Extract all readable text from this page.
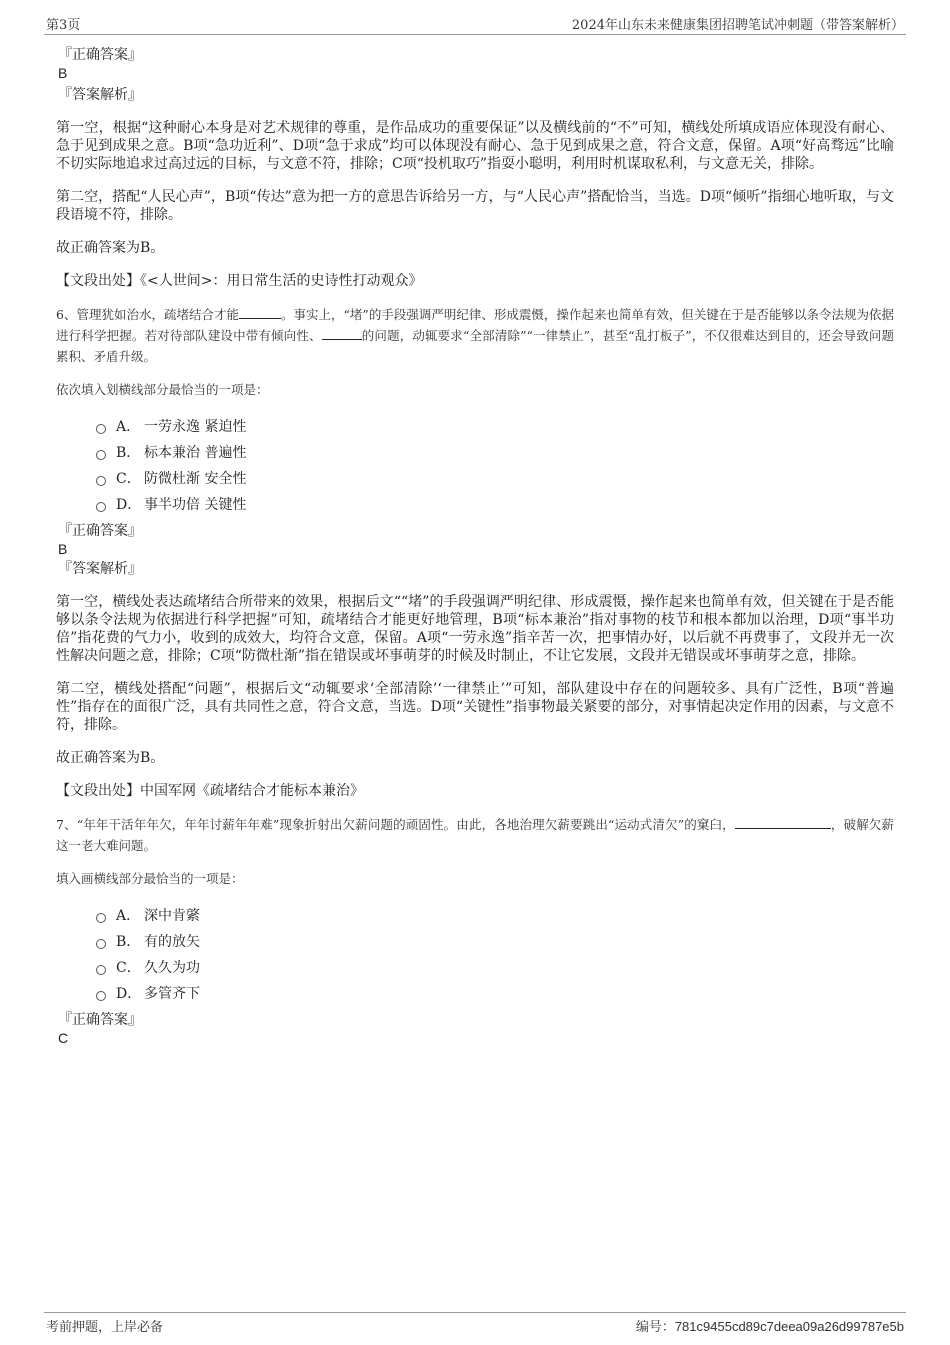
第3页	2024年山东未来健康集团招聘笔试冲刺题（带答案解析）

『正确答案』

B

『答案解析』

第一空，根据“这种耐心本身是对艺术规律的尊重，是作品成功的重要保证”以及横线前的“不”可知，横线处所填成语应体现没有耐心、急于见到成果之意。B项“急功近利”、D项“急于求成”均可以体现没有耐心、急于见到成果之意，符合文意，保留。A项“好高骛远”比喻不切实际地追求过高过远的目标，与文意不符，排除；C项“投机取巧”指耍小聪明，利用时机谋取私利，与文意无关，排除。

第二空，搭配“人民心声”，B项“传达”意为把一方的意思告诉给另一方，与“人民心声”搭配恰当，当选。D项“倾听”指细心地听取，与文段语境不符，排除。

故正确答案为B。

【文段出处】《<人世间>：用日常生活的史诗性打动观众》

6、管理犹如治水，疏堵结合才能	。事实上，“堵”的手段强调严明纪律、形成震慑，操作起来也简单有效，但关键在于是否能够以条令法规为依据进行科学把握。若对待部队建设中带有倾向性、	的问题，动辄要求“全部清除”“一律禁止”，甚至“乱打板子”，不仅很难达到目的，还会导致问题累积、矛盾升级。

依次填入划横线部分最恰当的一项是：

A． 一劳永逸 紧迫性
B． 标本兼治 普遍性
C． 防微杜渐 安全性
D． 事半功倍 关键性

『正确答案』

B

『答案解析』

第一空，横线处表达疏堵结合所带来的效果，根据后文““堵”的手段强调严明纪律、形成震慑，操作起来也简单有效，但关键在于是否能够以条令法规为依据进行科学把握”可知，疏堵结合才能更好地管理，B项“标本兼治”指对事物的枝节和根本都加以治理，D项“事半功倍”指花费的气力小，收到的成效大，均符合文意，保留。A项“一劳永逸”指辛苦一次，把事情办好，以后就不再费事了，文段并无一次性解决问题之意，排除；C项“防微杜渐”指在错误或坏事萌芽的时候及时制止，不让它发展，文段并无错误或坏事萌芽之意，排除。

第二空，横线处搭配“问题”，根据后文“动辄要求‘全部清除’‘一律禁止’”可知，部队建设中存在的问题较多、具有广泛性，B项“普遍性”指存在的面很广泛，具有共同性之意，符合文意，当选。D项“关键性”指事物最关紧要的部分，对事情起决定作用的因素，与文意不符，排除。

故正确答案为B。

【文段出处】中国军网《疏堵结合才能标本兼治》

7、“年年干活年年欠，年年讨薪年年难”现象折射出欠薪问题的顽固性。由此，各地治理欠薪要跳出“运动式清欠”的窠臼，	，破解欠薪这一老大难问题。

填入画横线部分最恰当的一项是：

A． 深中肯綮
B． 有的放矢
C． 久久为功
D． 多管齐下

『正确答案』

C

考前押题，上岸必备	编号：781c9455cd89c7deea09a26d99787e5b
